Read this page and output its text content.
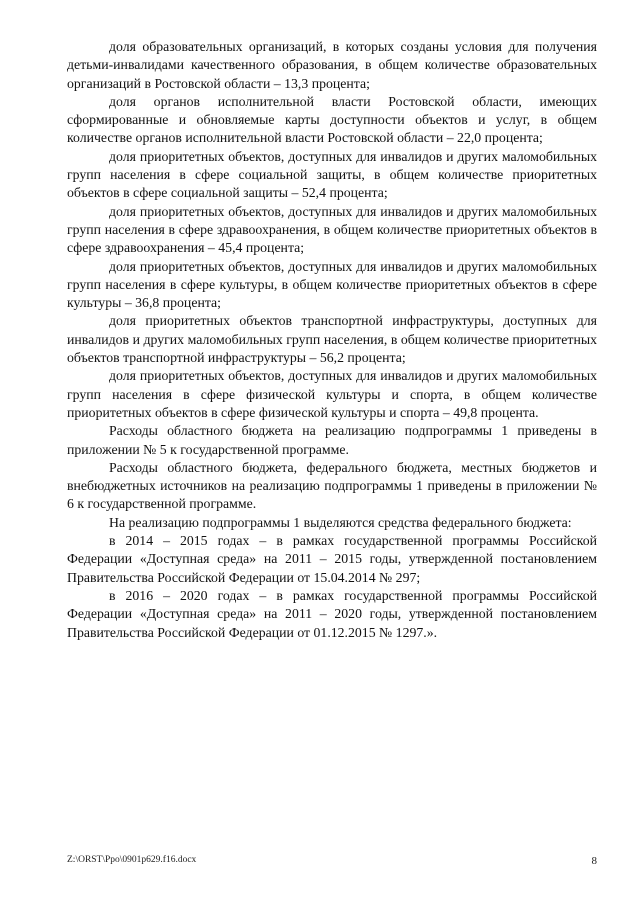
доля образовательных организаций, в которых созданы условия для получения детьми-инвалидами качественного образования, в общем количестве образовательных организаций в Ростовской области – 13,3 процента;

доля органов исполнительной власти Ростовской области, имеющих сформированные и обновляемые карты доступности объектов и услуг, в общем количестве органов исполнительной власти Ростовской области – 22,0 процента;

доля приоритетных объектов, доступных для инвалидов и других маломобильных групп населения в сфере социальной защиты, в общем количестве приоритетных объектов в сфере социальной защиты – 52,4 процента;

доля приоритетных объектов, доступных для инвалидов и других маломобильных групп населения в сфере здравоохранения, в общем количестве приоритетных объектов в сфере здравоохранения – 45,4 процента;

доля приоритетных объектов, доступных для инвалидов и других маломобильных групп населения в сфере культуры, в общем количестве приоритетных объектов в сфере культуры – 36,8 процента;

доля приоритетных объектов транспортной инфраструктуры, доступных для инвалидов и других маломобильных групп населения, в общем количестве приоритетных объектов транспортной инфраструктуры – 56,2 процента;

доля приоритетных объектов, доступных для инвалидов и других маломобильных групп населения в сфере физической культуры и спорта, в общем количестве приоритетных объектов в сфере физической культуры и спорта – 49,8 процента.

Расходы областного бюджета на реализацию подпрограммы 1 приведены в приложении № 5 к государственной программе.

Расходы областного бюджета, федерального бюджета, местных бюджетов и внебюджетных источников на реализацию подпрограммы 1 приведены в приложении № 6 к государственной программе.

На реализацию подпрограммы 1 выделяются средства федерального бюджета:

в 2014 – 2015 годах – в рамках государственной программы Российской Федерации «Доступная среда» на 2011 – 2015 годы, утвержденной постановлением Правительства Российской Федерации от 15.04.2014 № 297;

в 2016 – 2020 годах – в рамках государственной программы Российской Федерации «Доступная среда» на 2011 – 2020 годы, утвержденной постановлением Правительства Российской Федерации от 01.12.2015 № 1297.».

Z:\ORST\Ppo\0901p629.f16.docx	8
